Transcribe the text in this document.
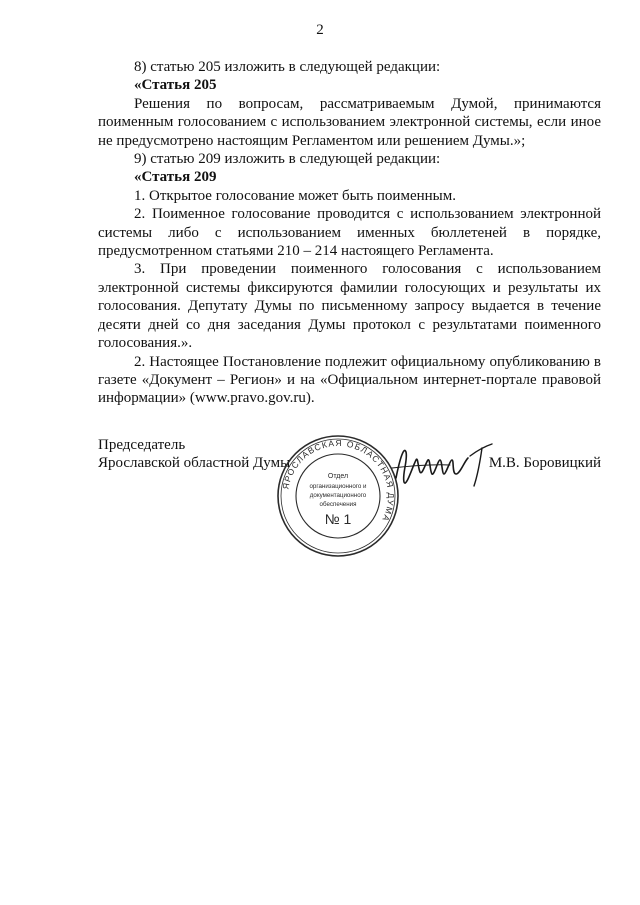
2

8) статью 205 изложить в следующей редакции:

«Статья 205

Решения по вопросам, рассматриваемым Думой, принимаются поименным голосованием с использованием электронной системы, если иное не предусмотрено настоящим Регламентом или решением Думы.»;

9) статью 209 изложить в следующей редакции:

«Статья 209

1. Открытое голосование может быть поименным.

2. Поименное голосование проводится с использованием электронной системы либо с использованием именных бюллетеней в порядке, предусмотренном статьями 210 – 214 настоящего Регламента.

3. При проведении поименного голосования с использованием электронной системы фиксируются фамилии голосующих и результаты их голосования. Депутату Думы по письменному запросу выдается в течение десяти дней со дня заседания Думы протокол с результатами поименного голосования.».

2. Настоящее Постановление подлежит официальному опубликованию в газете «Документ – Регион» и на «Официальном интернет-портале правовой информации» (www.pravo.gov.ru).

Председатель
Ярославской областной Думы

ЯРОСЛАВСКАЯ ОБЛАСТНАЯ ДУМА
Отдел
организационного и
документационного
обеспечения
№ 1

М.В. Боровицкий
